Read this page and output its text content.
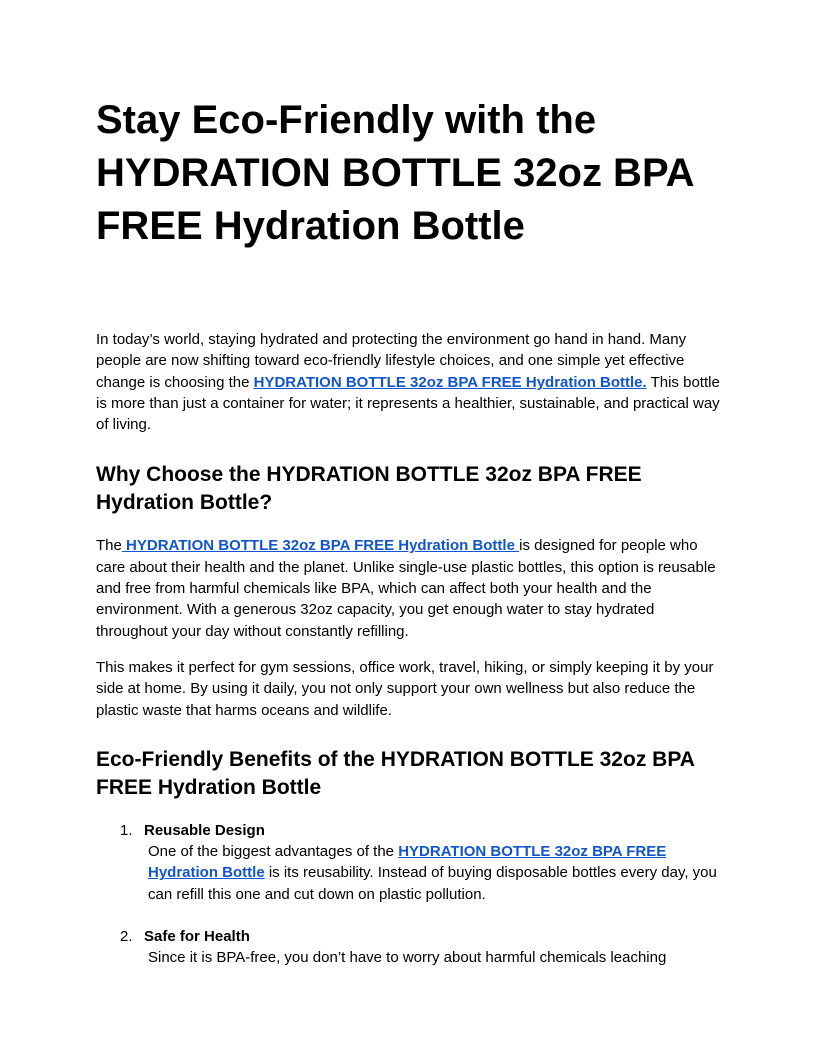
Stay Eco-Friendly with the HYDRATION BOTTLE 32oz BPA FREE Hydration Bottle

In today’s world, staying hydrated and protecting the environment go hand in hand. Many people are now shifting toward eco-friendly lifestyle choices, and one simple yet effective change is choosing the HYDRATION BOTTLE 32oz BPA FREE Hydration Bottle. This bottle is more than just a container for water; it represents a healthier, sustainable, and practical way of living.

Why Choose the HYDRATION BOTTLE 32oz BPA FREE Hydration Bottle?

The HYDRATION BOTTLE 32oz BPA FREE Hydration Bottle is designed for people who care about their health and the planet. Unlike single-use plastic bottles, this option is reusable and free from harmful chemicals like BPA, which can affect both your health and the environment. With a generous 32oz capacity, you get enough water to stay hydrated throughout your day without constantly refilling.

This makes it perfect for gym sessions, office work, travel, hiking, or simply keeping it by your side at home. By using it daily, you not only support your own wellness but also reduce the plastic waste that harms oceans and wildlife.

Eco-Friendly Benefits of the HYDRATION BOTTLE 32oz BPA FREE Hydration Bottle
1. Reusable Design
One of the biggest advantages of the HYDRATION BOTTLE 32oz BPA FREE Hydration Bottle is its reusability. Instead of buying disposable bottles every day, you can refill this one and cut down on plastic pollution.
2. Safe for Health
Since it is BPA-free, you don’t have to worry about harmful chemicals leaching
